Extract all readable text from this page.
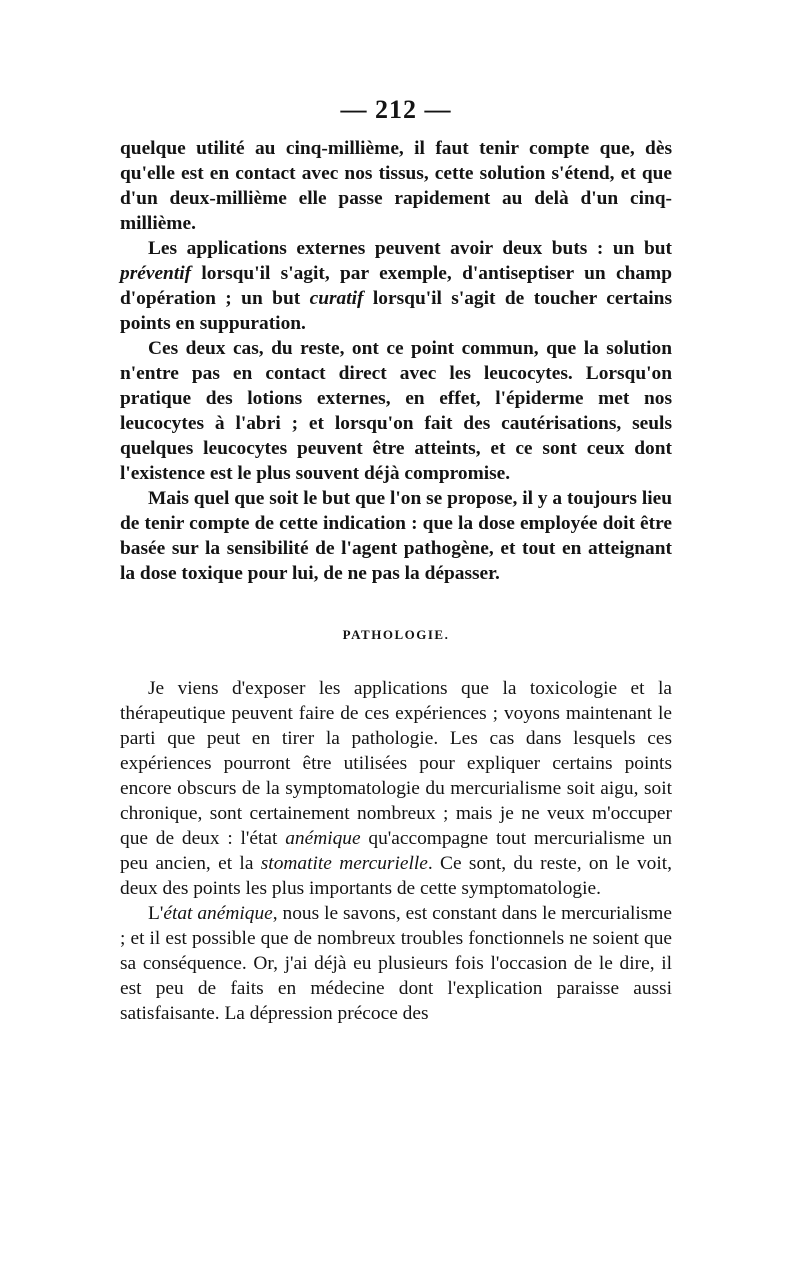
— 212 —

quelque utilité au cinq-millième, il faut tenir compte que, dès qu'elle est en contact avec nos tissus, cette solution s'étend, et que d'un deux-millième elle passe rapidement au delà d'un cinq-millième.

Les applications externes peuvent avoir deux buts : un but préventif lorsqu'il s'agit, par exemple, d'antiseptiser un champ d'opération ; un but curatif lorsqu'il s'agit de toucher certains points en suppuration.

Ces deux cas, du reste, ont ce point commun, que la solution n'entre pas en contact direct avec les leucocytes. Lorsqu'on pratique des lotions externes, en effet, l'épiderme met nos leucocytes à l'abri ; et lorsqu'on fait des cautérisations, seuls quelques leucocytes peuvent être atteints, et ce sont ceux dont l'existence est le plus souvent déjà compromise.

Mais quel que soit le but que l'on se propose, il y a toujours lieu de tenir compte de cette indication : que la dose employée doit être basée sur la sensibilité de l'agent pathogène, et tout en atteignant la dose toxique pour lui, de ne pas la dépasser.

PATHOLOGIE.

Je viens d'exposer les applications que la toxicologie et la thérapeutique peuvent faire de ces expériences ; voyons maintenant le parti que peut en tirer la pathologie. Les cas dans lesquels ces expériences pourront être utilisées pour expliquer certains points encore obscurs de la symptomatologie du mercurialisme soit aigu, soit chronique, sont certainement nombreux ; mais je ne veux m'occuper que de deux : l'état anémique qu'accompagne tout mercurialisme un peu ancien, et la stomatite mercurielle. Ce sont, du reste, on le voit, deux des points les plus importants de cette symptomatologie.

L'état anémique, nous le savons, est constant dans le mercurialisme ; et il est possible que de nombreux troubles fonctionnels ne soient que sa conséquence. Or, j'ai déjà eu plusieurs fois l'occasion de le dire, il est peu de faits en médecine dont l'explication paraisse aussi satisfaisante. La dépression précoce des
